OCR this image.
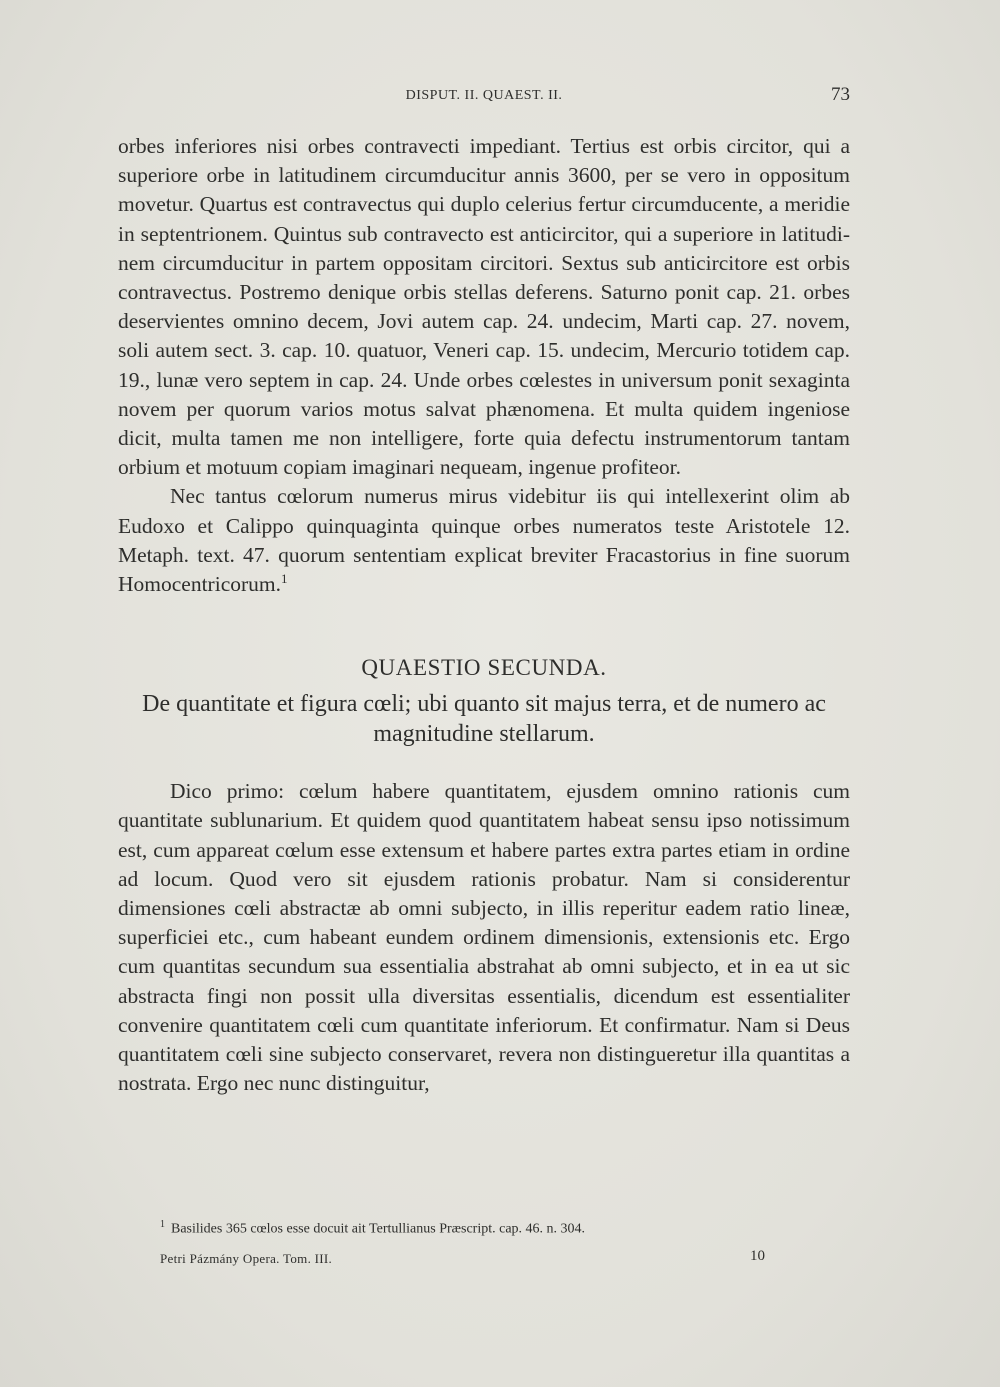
DISPUT. II. QUAEST. II.	73

orbes inferiores nisi orbes contravecti impediant. Tertius est orbis circitor, qui a superiore orbe in latitudinem circumducitur annis 3600, per se vero in oppositum movetur. Quartus est contravectus qui duplo celerius fertur circumducente, a meridie in septentrionem. Quintus sub contravecto est anticircitor, qui a superiore in latitudinem circumducitur in partem oppositam circitori. Sextus sub anticircitore est orbis contravectus. Postremo denique orbis stellas deferens. Saturno ponit cap. 21. orbes deservientes omnino decem, Jovi autem cap. 24. undecim, Marti cap. 27. novem, soli autem sect. 3. cap. 10. quatuor, Veneri cap. 15. undecim, Mercurio totidem cap. 19., lunæ vero septem in cap. 24. Unde orbes cœlestes in universum ponit sexaginta novem per quorum varios motus salvat phænomena. Et multa quidem ingeniose dicit, multa tamen me non intelligere, forte quia defectu instrumentorum tantam orbium et motuum copiam imaginari nequeam, ingenue profiteor.

Nec tantus cœlorum numerus mirus videbitur iis qui intellexerint olim ab Eudoxo et Calippo quinquaginta quinque orbes numeratos teste Aristotele 12. Metaph. text. 47. quorum sententiam explicat breviter Fracastorius in fine suorum Homocentricorum.$^1$

QUAESTIO SECUNDA.
De quantitate et figura cœli; ubi quanto sit majus terra, et de numero ac magnitudine stellarum.

Dico primo: cœlum habere quantitatem, ejusdem omnino rationis cum quantitate sublunarium. Et quidem quod quantitatem habeat sensu ipso notissimum est, cum appareat cœlum esse extensum et habere partes extra partes etiam in ordine ad locum. Quod vero sit ejusdem rationis probatur. Nam si considerentur dimensiones cœli abstractæ ab omni subjecto, in illis reperitur eadem ratio lineæ, superficiei etc., cum habeant eundem ordinem dimensionis, extensionis etc. Ergo cum quantitas secundum sua essentialia abstrahat ab omni subjecto, et in ea ut sic abstracta fingi non possit ulla diversitas essentialis, dicendum est essentialiter convenire quantitatem cœli cum quantitate inferiorum. Et confirmatur. Nam si Deus quantitatem cœli sine subjecto conservaret, revera non distingueretur illa quantitas a nostrata. Ergo nec nunc distinguitur,

$^1$ Basilides 365 cœlos esse docuit ait Tertullianus Præscript. cap. 46. n. 304.
Petri Pázmány Opera. Tom. III.	10
